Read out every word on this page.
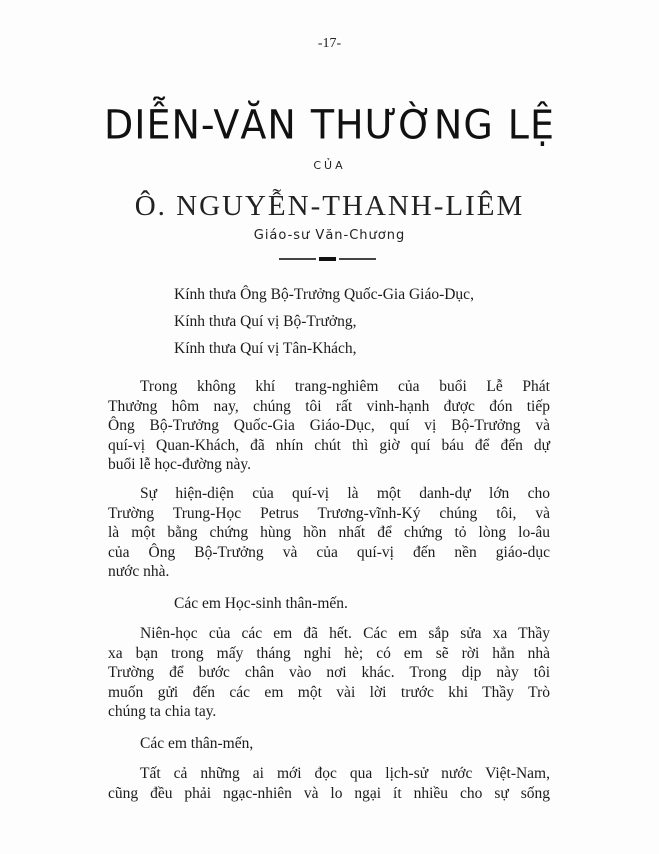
-17-
DIỄN-VĂN THƯỜNG LỆ
CỦA
Ô. NGUYỄN-THANH-LIÊM
Giáo-sư Văn-Chương
Kính thưa Ông Bộ-Trưởng Quốc-Gia Giáo-Dục,
Kính thưa Quí vị Bộ-Trưởng,
Kính thưa Quí vị Tân-Khách,
Trong không khí trang-nghiêm của buổi Lễ Phát
Thưởng hôm nay, chúng tôi rất vinh-hạnh được đón tiếp
Ông Bộ-Trưởng Quốc-Gia Giáo-Dục, quí vị Bộ-Trưởng và
quí-vị Quan-Khách, đã nhín chút thì giờ quí báu để đến dự
buổi lễ học-đường này.
Sự hiện-diện của quí-vị là một danh-dự lớn cho
Trường Trung-Học Petrus Trương-vĩnh-Ký chúng tôi, và
là một bằng chứng hùng hồn nhất để chứng tỏ lòng lo-âu
của Ông Bộ-Trưởng và của quí-vị đến nền giáo-dục
nước nhà.
Các em Học-sinh thân-mến.
Niên-học của các em đã hết. Các em sắp sửa xa Thầy
xa bạn trong mấy tháng nghỉ hè; có em sẽ rời hẳn nhà
Trường để bước chân vào nơi khác. Trong dịp này tôi
muốn gửi đến các em một vài lời trước khi Thầy Trò
chúng ta chia tay.
Các em thân-mến,
Tất cả những ai mới đọc qua lịch-sử nước Việt-Nam,
cũng đều phải ngạc-nhiên và lo ngại ít nhiều cho sự sống
